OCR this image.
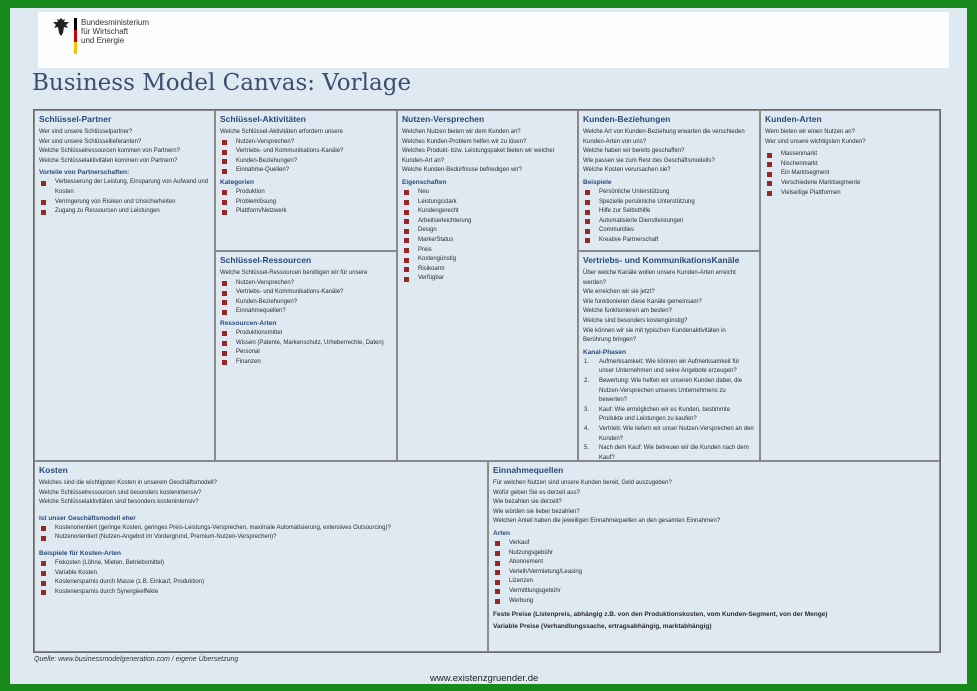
Bundesministerium
für Wirtschaft
und Energie
Business Model Canvas: Vorlage
Schlüssel-Partner
Wer sind unsere Schlüsselpartner?
Wer sind unsere Schlüssellieferanten?
Welche Schlüsselressourcen kommen von Partnern?
Welche Schlüsselaktivitäten kommen von Partnern?
Vorteile von Partnerschaften:
Verbesserung der Leistung, Einsparung von Aufwand und Kosten
Verringerung von Risiken und Unsicherheiten
Zugang zu Ressourcen und Leistungen
Schlüssel-Aktivitäten
Welche Schlüssel-Aktivitäten erfordern unsere
Nutzen-Versprechen?
Vertriebs- und Kommunikations-Kanäle?
Kunden-Beziehungen?
Einnahme-Quellen?
Kategorien
Produktion
Problemlösung
Plattform/Netzwerk
Schlüssel-Ressourcen
Welche Schlüssel-Ressourcen benötigen wir für unsere
Nutzen-Versprechen?
Vertriebs- und Kommunikations-Kanäle?
Kunden-Beziehungen?
Einnahmequellen?
Ressourcen-Arten
Produktionsmittel
Wissen (Patente, Markenschutz, Urheberrechte, Daten)
Personal
Finanzen
Nutzen-Versprechen
Welchen Nutzen bieten wir dem Kunden an?
Welches Kunden-Problem helfen wir zu lösen?
Welches Produkt- bzw. Leistungspaket bieten wir welcher Kunden-Art an?
Welche Kunden-Bedürfnisse befriedigen wir?
Eigenschaften
Neu
Leistungsstark
Kundengerecht
Arbeitserleichterung
Design
Marke/Status
Preis
Kostengünstig
Risikoarm
Verfügbar
Kunden-Beziehungen
Welche Art von Kunden-Beziehung erwarten die verschieden Kunden-Arten von uns?
Welche haben wir bereits geschaffen?
Wie passen sie zum Rest des Geschäftsmodells?
Welche Kosten verursachen sie?
Beispiele
Persönliche Unterstützung
Spezielle persönliche Unterstützung
Hilfe zur Selbsthilfe
Automatisierte Dienstleistungen
Communities
Kreative Partnerschaft
Vertriebs- und KommunikationsKanäle
Über welche Kanäle wollen unsere Kunden-Arten erreicht werden?
Wie erreichen wir sie jetzt?
Wie funktionieren diese Kanäle gemeinsam?
Welche funktionieren am besten?
Welche sind besonders kostengünstig?
Wie können wir sie mit typischen Kundenaktivitäten in Berührung bringen?
Kanal-Phasen
1. Aufmerksamkeit: Wie können wir Aufmerksamkeit für unser Unternehmen und seine Angebote erzeugen?
2. Bewertung: Wie helfen wir unseren Kunden dabei, die Nutzen-Versprechen unseres Unternehmens zu bewerten?
3. Kauf: Wie ermöglichen wir es Kunden, bestimmte Produkte und Leistungen zu kaufen?
4. Vertrieb: Wie liefern wir unser Nutzen-Versprechen an den Kunden?
5. Nach dem Kauf: Wie betreuen wir die Kunden nach dem Kauf?
Kunden-Arten
Wem bieten wir einen Nutzen an?
Wer sind unsere wichtigsten Kunden?
Massenmarkt
Nischenmarkt
Ein Marktsegment
Verschiedene Marktsegmente
Vielseitige Plattformen
Kosten
Welches sind die wichtigsten Kosten in unserem Geschäftsmodell?
Welche Schlüsselressourcen sind besonders kostenintensiv?
Welche Schlüsselaktivitäten sind besonders kostenintensiv?
Ist unser Geschäftsmodell eher
Kostenorientiert (geringe Kosten, geringes Preis-Leistungs-Versprechen, maximale Automatisierung, extensives Outsourcing)?
Nutzenorientiert (Nutzen-Angebot im Vordergrund, Premium-Nutzen-Versprechen)?
Beispiele für Kosten-Arten
Fixkosten (Löhne, Mieten, Betriebsmittel)
Variable Kosten
Kostenersparnis durch Masse (z.B. Einkauf, Produktion)
Kostenersparnis durch Synergieeffekte
Einnahmequellen
Für welchen Nutzen sind unsere Kunden bereit, Geld auszugeben?
Wofür geben Sie es derzeit aus?
Wie bezahlen sie derzeit?
Wie würden sie lieber bezahlen?
Welchen Anteil haben die jeweiligen Einnahmequellen an den gesamten Einnahmen?
Arten
Verkauf
Nutzungsgebühr
Abonnement
Verleih/Vermietung/Leasing
Lizenzen
Vermittlungsgebühr
Werbung
Feste Preise (Listenpreis, abhängig z.B. von den Produktionskosten, vom Kunden-Segment, von der Menge)
Variable Preise (Verhandlungssache, ertragsabhängig, marktabhängig)
Quelle: www.businessmodelgeneration.com / eigene Übersetzung
www.existenzgruender.de
